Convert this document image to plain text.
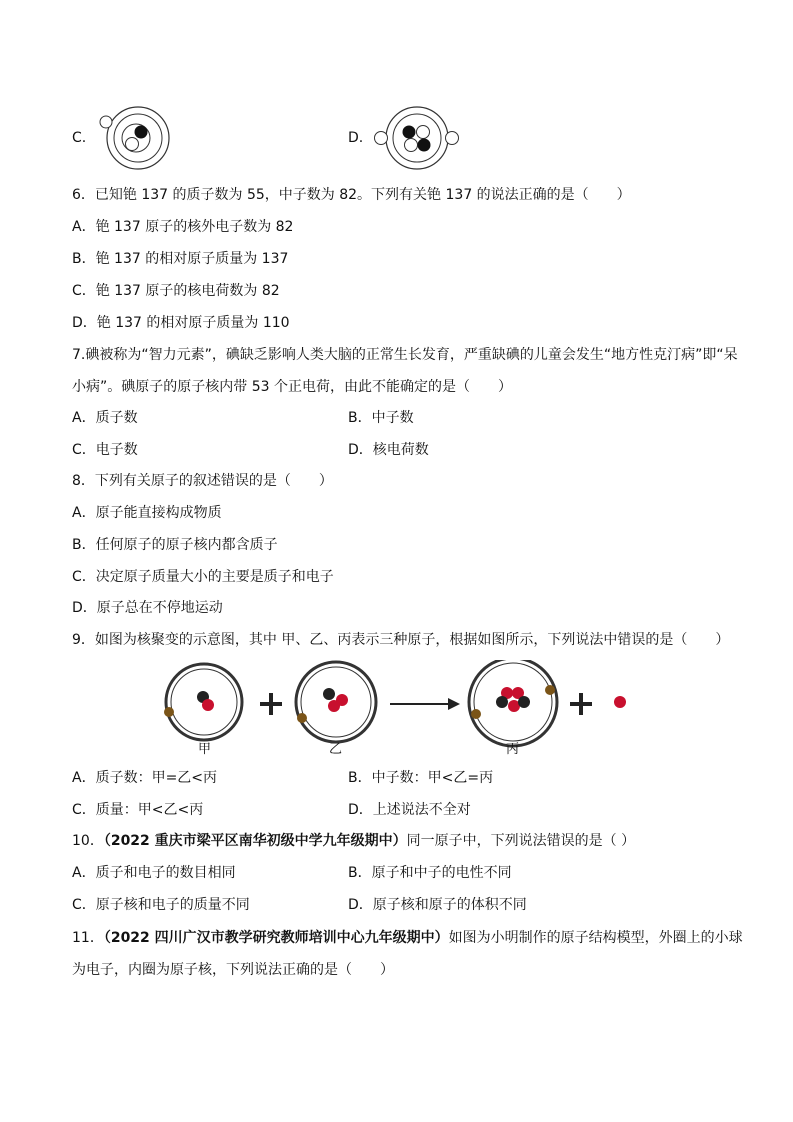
C.	D.
6．已知铯 137 的质子数为 55，中子数为 82。下列有关铯 137 的说法正确的是（　　）
A．铯 137 原子的核外电子数为 82
B．铯 137 的相对原子质量为 137
C．铯 137 原子的核电荷数为 82
D．铯 137 的相对原子质量为 110
7.碘被称为“智力元素”，碘缺乏影响人类大脑的正常生长发育，严重缺碘的儿童会发生“地方性克汀病”即“呆
小病”。碘原子的原子核内带 53 个正电荷，由此不能确定的是（　　）
A．质子数	B．中子数
C．电子数	D．核电荷数
8．下列有关原子的叙述错误的是（　　）
A．原子能直接构成物质
B．任何原子的原子核内都含质子
C．决定原子质量大小的主要是质子和电子
D．原子总在不停地运动
9．如图为核聚变的示意图，其中 甲、乙、丙表示三种原子，根据如图所示，下列说法中错误的是（　　）
甲	乙	丙
A．质子数：甲=乙<丙	B．中子数：甲<乙=丙
C．质量：甲<乙<丙	D．上述说法不全对
10．（2022 重庆市梁平区南华初级中学九年级期中）同一原子中，下列说法错误的是（ ）
A．质子和电子的数目相同	B．原子和中子的电性不同
C．原子核和电子的质量不同	D．原子核和原子的体积不同
11．（2022 四川广汉市教学研究教师培训中心九年级期中）如图为小明制作的原子结构模型，外圈上的小球
为电子，内圈为原子核，下列说法正确的是（　　）
